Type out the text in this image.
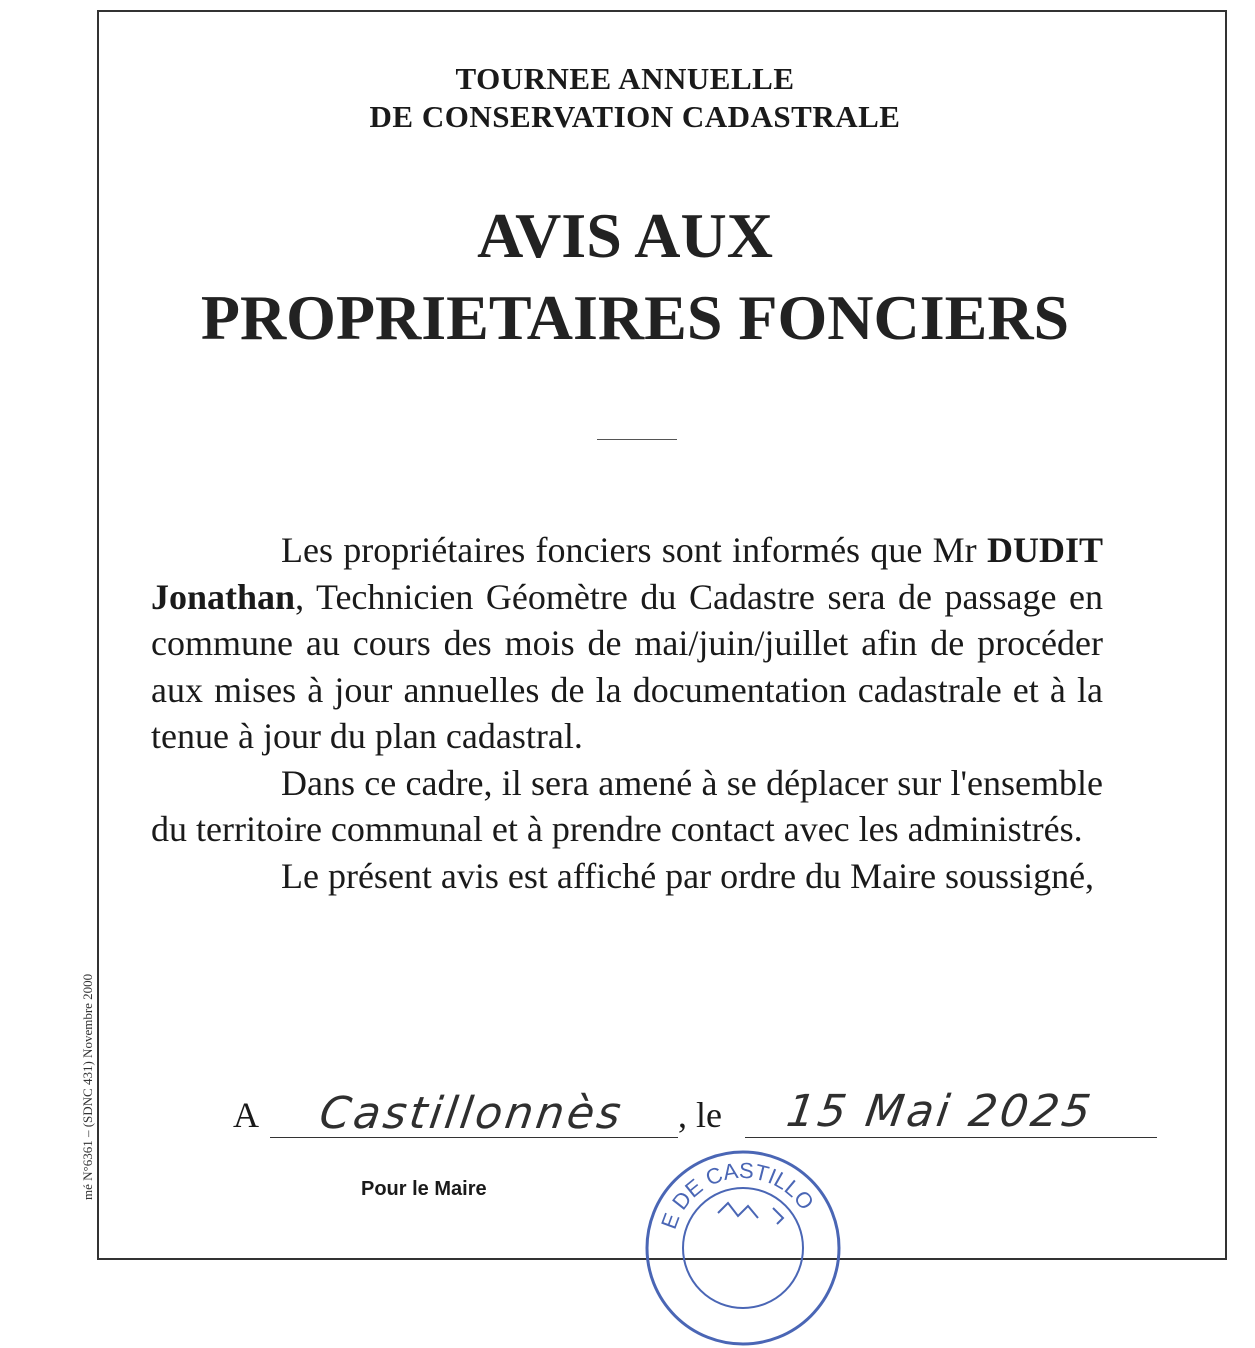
TOURNEE ANNUELLE
DE CONSERVATION CADASTRALE
AVIS AUX
PROPRIETAIRES FONCIERS

Les propriétaires fonciers sont informés que Mr DUDIT Jonathan, Technicien Géomètre du Cadastre sera de passage en commune au cours des mois de mai/juin/juillet afin de procéder aux mises à jour annuelles de la documentation cadastrale et à la tenue à jour du plan cadastral.

Dans ce cadre, il sera amené à se déplacer sur l'ensemble du territoire communal et à prendre contact avec les administrés.

Le présent avis est affiché par ordre du Maire soussigné,

mé N°6361 – (SDNC 431) Novembre 2000	A Castillonnès , le 15 Mai 2025
Pour le Maire
E DE CASTILLO
